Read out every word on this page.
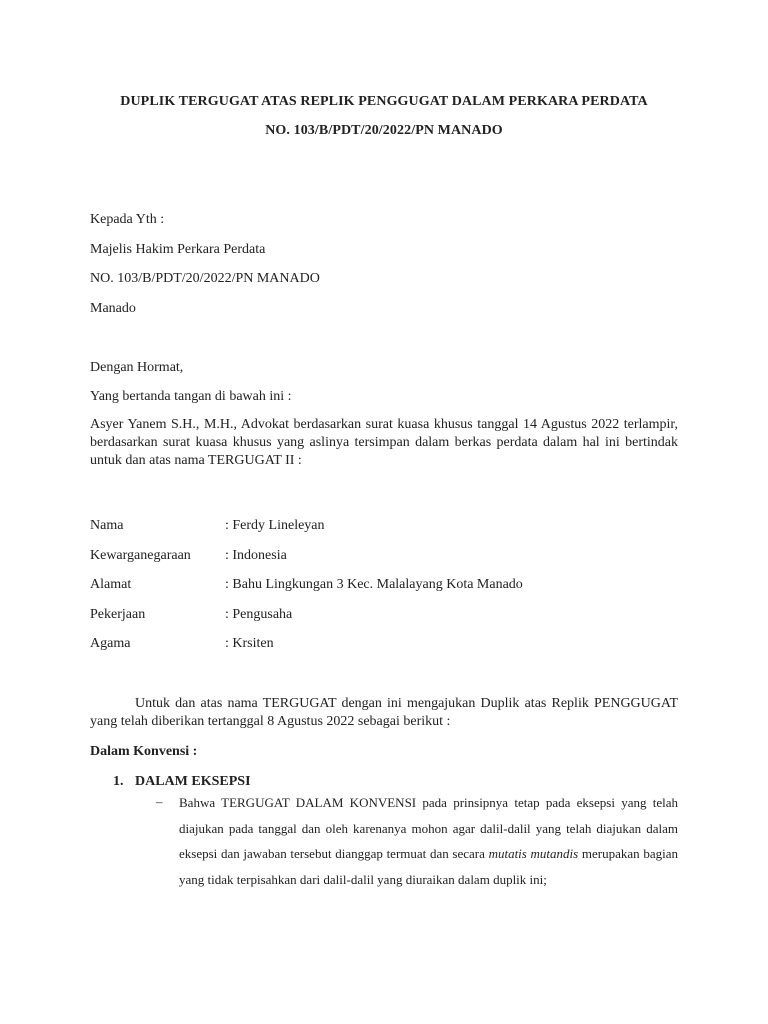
DUPLIK TERGUGAT ATAS REPLIK PENGGUGAT DALAM PERKARA PERDATA

NO. 103/B/PDT/20/2022/PN MANADO

Kepada Yth :

Majelis Hakim Perkara Perdata

NO. 103/B/PDT/20/2022/PN MANADO

Manado

Dengan Hormat,

Yang bertanda tangan di bawah ini :

Asyer Yanem S.H., M.H., Advokat berdasarkan surat kuasa khusus tanggal 14 Agustus 2022 terlampir, berdasarkan surat kuasa khusus yang aslinya tersimpan dalam berkas perdata dalam hal ini bertindak untuk dan atas nama TERGUGAT II :

Nama	: Ferdy Lineleyan

Kewarganegaraan : Indonesia

Alamat	: Bahu Lingkungan 3 Kec. Malalayang Kota Manado

Pekerjaan	: Pengusaha

Agama	: Krsiten

Untuk dan atas nama TERGUGAT dengan ini mengajukan Duplik atas Replik PENGGUGAT yang telah diberikan tertanggal 8 Agustus 2022 sebagai berikut :

Dalam Konvensi :

1. DALAM EKSEPSI

– Bahwa TERGUGAT DALAM KONVENSI pada prinsipnya tetap pada eksepsi yang telah diajukan pada tanggal dan oleh karenanya mohon agar dalil-dalil yang telah diajukan dalam eksepsi dan jawaban tersebut dianggap termuat dan secara mutatis mutandis merupakan bagian yang tidak terpisahkan dari dalil-dalil yang diuraikan dalam duplik ini;
